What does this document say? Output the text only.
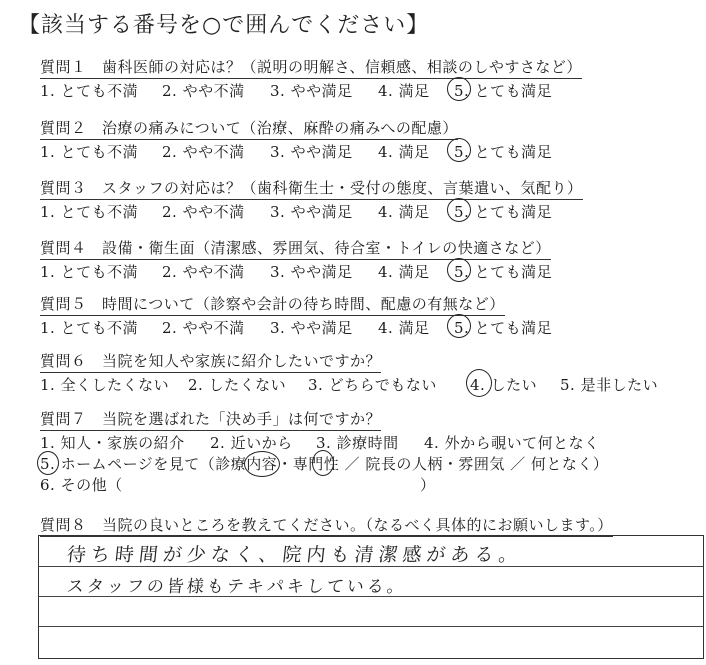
【該当する番号を○で囲んでください】
質問１　歯科医師の対応は？（説明の明解さ、信頼感、相談のしやすさなど）
1. とても不満 2. やや不満 3. やや満足 4. 満足 5. とても満足
質問２　治療の痛みについて（治療、麻酔の痛みへの配慮）
1. とても不満 2. やや不満 3. やや満足 4. 満足 5. とても満足
質問３　スタッフの対応は？（歯科衛生士・受付の態度、言葉遣い、気配り）
1. とても不満 2. やや不満 3. やや満足 4. 満足 5. とても満足
質問４　設備・衛生面（清潔感、雰囲気、待合室・トイレの快適さなど）
1. とても不満 2. やや不満 3. やや満足 4. 満足 5. とても満足
質問５　時間について（診察や会計の待ち時間、配慮の有無など）
1. とても不満 2. やや不満 3. やや満足 4. 満足 5. とても満足
質問６　当院を知人や家族に紹介したいですか？
1. 全くしたくない 2. したくない 3. どちらでもない 4. したい 5. 是非したい
質問７　当院を選ばれた「決め手」は何ですか？
1. 知人・家族の紹介 2. 近いから 3. 診療時間 4. 外から覗いて何となく
5. ホームページを見て（診療内容・専門性 ／ 院長の人柄・雰囲気 ／ 何となく）
6. その他（	）
質問８　当院の良いところを教えてください。（なるべく具体的にお願いします。）
待ち時間が少なく、院内も清潔感がある。
スタッフの皆様もテキパキしている。
